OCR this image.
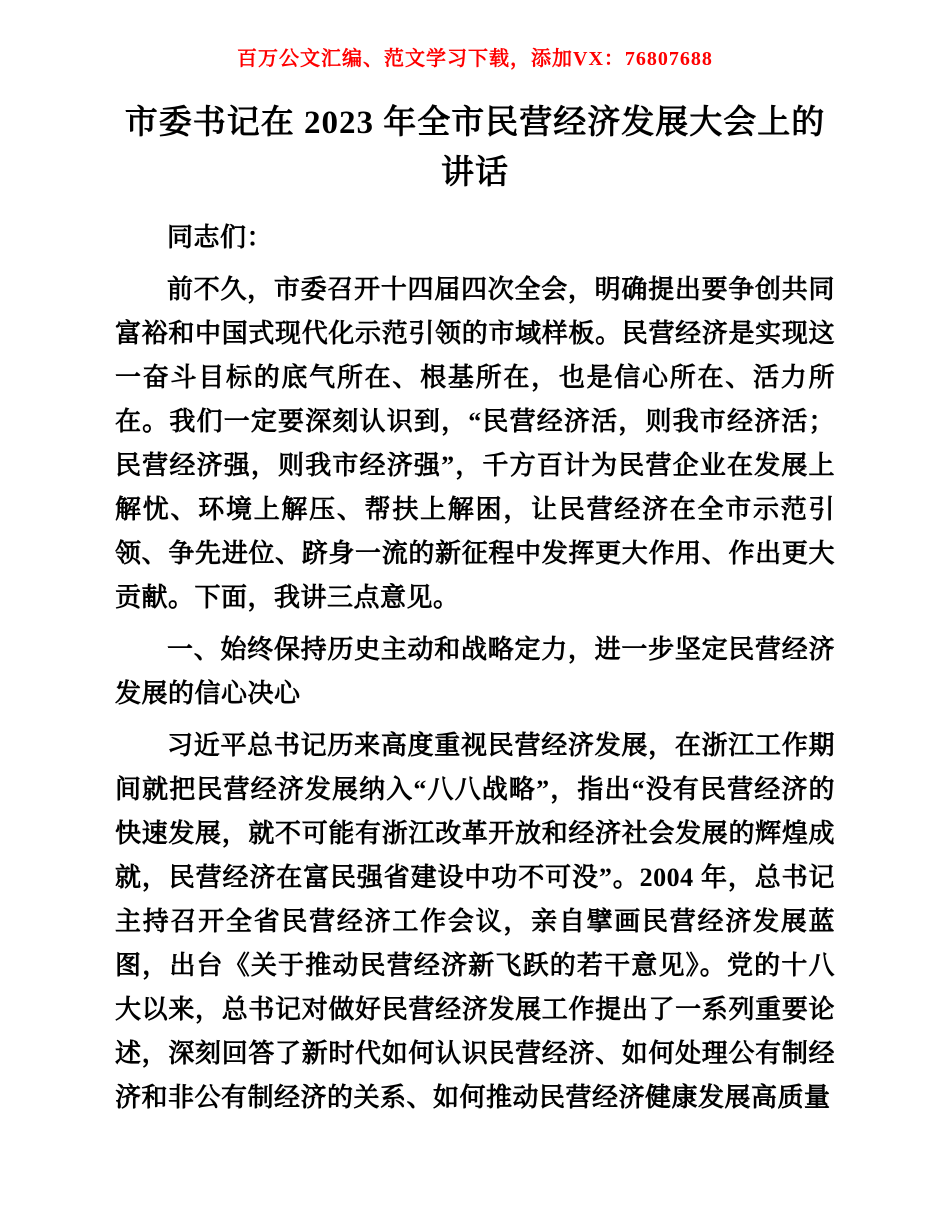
百万公文汇编、范文学习下载，添加VX：76807688
市委书记在 2023 年全市民营经济发展大会上的讲话

同志们：

前不久，市委召开十四届四次全会，明确提出要争创共同富裕和中国式现代化示范引领的市域样板。民营经济是实现这一奋斗目标的底气所在、根基所在，也是信心所在、活力所在。我们一定要深刻认识到，“民营经济活，则我市经济活；民营经济强，则我市经济强”，千方百计为民营企业在发展上解忧、环境上解压、帮扶上解困，让民营经济在全市示范引领、争先进位、跻身一流的新征程中发挥更大作用、作出更大贡献。下面，我讲三点意见。

一、始终保持历史主动和战略定力，进一步坚定民营经济发展的信心决心

习近平总书记历来高度重视民营经济发展，在浙江工作期间就把民营经济发展纳入“八八战略”，指出“没有民营经济的快速发展，就不可能有浙江改革开放和经济社会发展的辉煌成就，民营经济在富民强省建设中功不可没”。2004 年，总书记主持召开全省民营经济工作会议，亲自擘画民营经济发展蓝图，出台《关于推动民营经济新飞跃的若干意见》。党的十八大以来，总书记对做好民营经济发展工作提出了一系列重要论述，深刻回答了新时代如何认识民营经济、如何处理公有制经济和非公有制经济的关系、如何推动民营经济健康发展高质量
